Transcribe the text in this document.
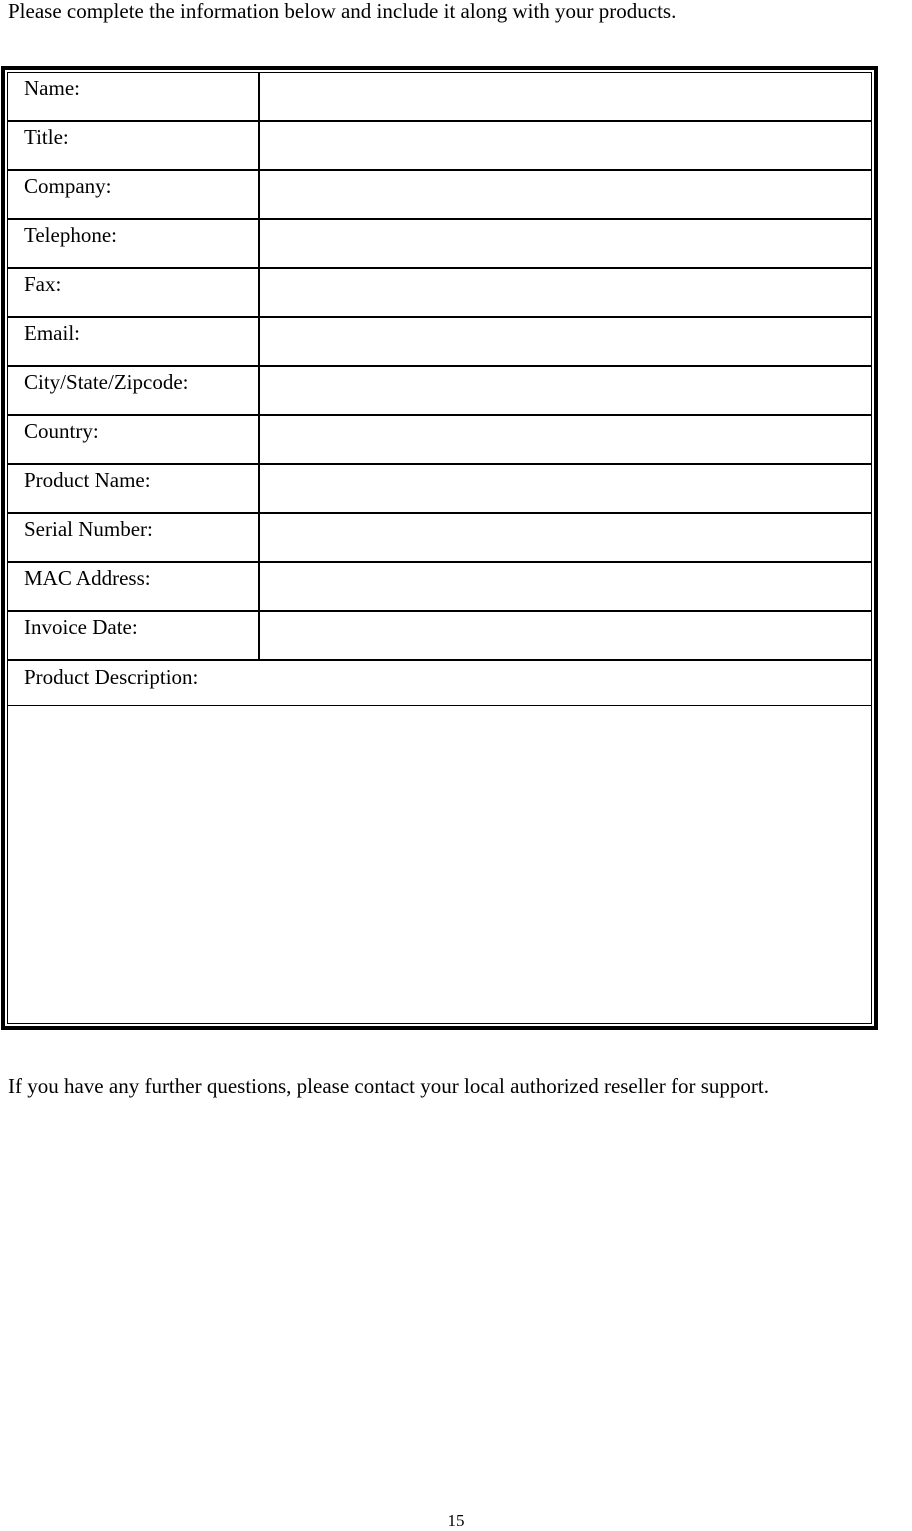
Please complete the information below and include it along with your products.
Name:
Title:
Company:
Telephone:
Fax:
Email:
City/State/Zipcode:
Country:
Product Name:
Serial Number:
MAC Address:
Invoice Date:
Product Description:
If you have any further questions, please contact your local authorized reseller for support.
15
